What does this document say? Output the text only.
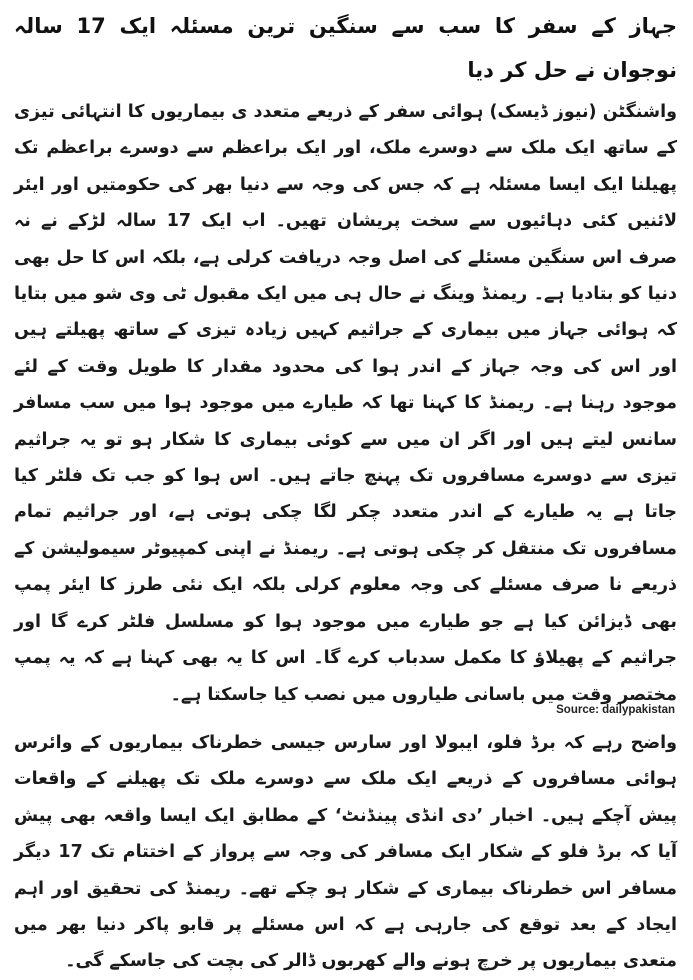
جہاز کے سفر کا سب سے سنگین ترین مسئلہ ایک 17 سالہ نوجوان نے حل کر دیا

واشنگٹن (نیوز ڈیسک) ہوائی سفر کے ذریعے متعدد ی بیماریوں کا انتہائی تیزی کے ساتھ ایک ملک سے دوسرے ملک، اور ایک براعظم سے دوسرے براعظم تک پھیلنا ایک ایسا مسئلہ ہے کہ جس کی وجہ سے دنیا بھر کی حکومتیں اور ایئر لائنیں کئی دہائیوں سے سخت پریشان تھیں۔ اب ایک 17 سالہ لڑکے نے نہ صرف اس سنگین مسئلے کی اصل وجہ دریافت کرلی ہے، بلکہ اس کا حل بھی دنیا کو بتادیا ہے۔ ریمنڈ وینگ نے حال ہی میں ایک مقبول ٹی وی شو میں بتایا کہ ہوائی جہاز میں بیماری کے جراثیم کہیں زیادہ تیزی کے ساتھ پھیلتے ہیں اور اس کی وجہ جہاز کے اندر ہوا کی محدود مقدار کا طویل وقت کے لئے موجود رہنا ہے۔ ریمنڈ کا کہنا تھا کہ طیارے میں موجود ہوا میں سب مسافر سانس لیتے ہیں اور اگر ان میں سے کوئی بیماری کا شکار ہو تو یہ جراثیم تیزی سے دوسرے مسافروں تک پہنچ جاتے ہیں۔ اس ہوا کو جب تک فلٹر کیا جاتا ہے یہ طیارے کے اندر متعدد چکر لگا چکی ہوتی ہے، اور جراثیم تمام مسافروں تک منتقل کر چکی ہوتی ہے۔ ریمنڈ نے اپنی کمپیوٹر سیمولیشن کے ذریعے نا صرف مسئلے کی وجہ معلوم کرلی بلکہ ایک نئی طرز کا ایئر پمپ بھی ڈیزائن کیا ہے جو طیارے میں موجود ہوا کو مسلسل فلٹر کرے گا اور جراثیم کے پھیلاؤ کا مکمل سدباب کرے گا۔ اس کا یہ بھی کہنا ہے کہ یہ پمپ مختصر وقت میں باسانی طیاروں میں نصب کیا جاسکتا ہے۔

واضح رہے کہ برڈ فلو، ایبولا اور سارس جیسی خطرناک بیماریوں کے وائرس ہوائی مسافروں کے ذریعے ایک ملک سے دوسرے ملک تک پھیلنے کے واقعات پیش آچکے ہیں۔ اخبار ’دی انڈی پینڈنٹ‘ کے مطابق ایک ایسا واقعہ بھی پیش آیا کہ برڈ فلو کے شکار ایک مسافر کی وجہ سے پرواز کے اختتام تک 17 دیگر مسافر اس خطرناک بیماری کے شکار ہو چکے تھے۔ ریمنڈ کی تحقیق اور اہم ایجاد کے بعد توقع کی جارہی ہے کہ اس مسئلے پر قابو پاکر دنیا بھر میں متعدی بیماریوں پر خرچ ہونے والے کھربوں ڈالر کی بچت کی جاسکے گی۔

Source: dailypakistan
